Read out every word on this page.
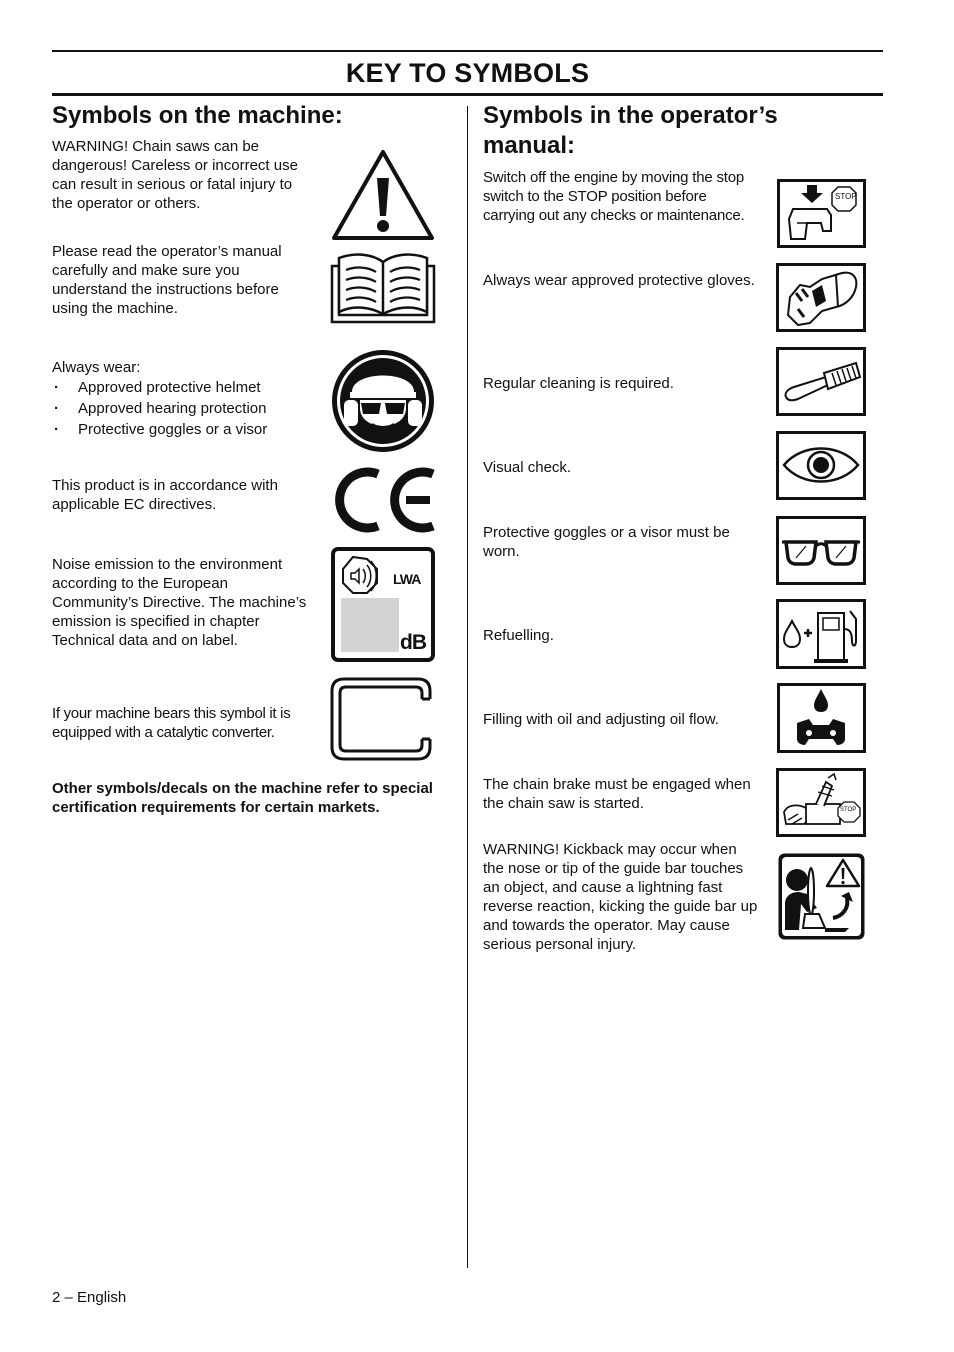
KEY TO SYMBOLS
Symbols on the machine:
WARNING! Chain saws can be dangerous! Careless or incorrect use can result in serious or fatal injury to the operator or others.
Please read the operator’s manual carefully and make sure you understand the instructions before using the machine.
Always wear:
· Approved protective helmet
· Approved hearing protection
· Protective goggles or a visor
This product is in accordance with applicable EC directives.
Noise emission to the environment according to the European Community’s Directive. The machine’s emission is specified in chapter Technical data and on label.
LWA
dB
If your machine bears this symbol it is equipped with a catalytic converter.
Other symbols/decals on the machine refer to special certification requirements for certain markets.
Symbols in the operator’s manual:
Switch off the engine by moving the stop switch to the STOP position before carrying out any checks or maintenance.
STOP
Always wear approved protective gloves.
Regular cleaning is required.
Visual check.
Protective goggles or a visor must be worn.
Refuelling.
Filling with oil and adjusting oil flow.
The chain brake must be engaged when the chain saw is started.	STOP
WARNING! Kickback may occur when the nose or tip of the guide bar touches an object, and cause a lightning fast reverse reaction, kicking the guide bar up and towards the operator. May cause serious personal injury.
2 – English
